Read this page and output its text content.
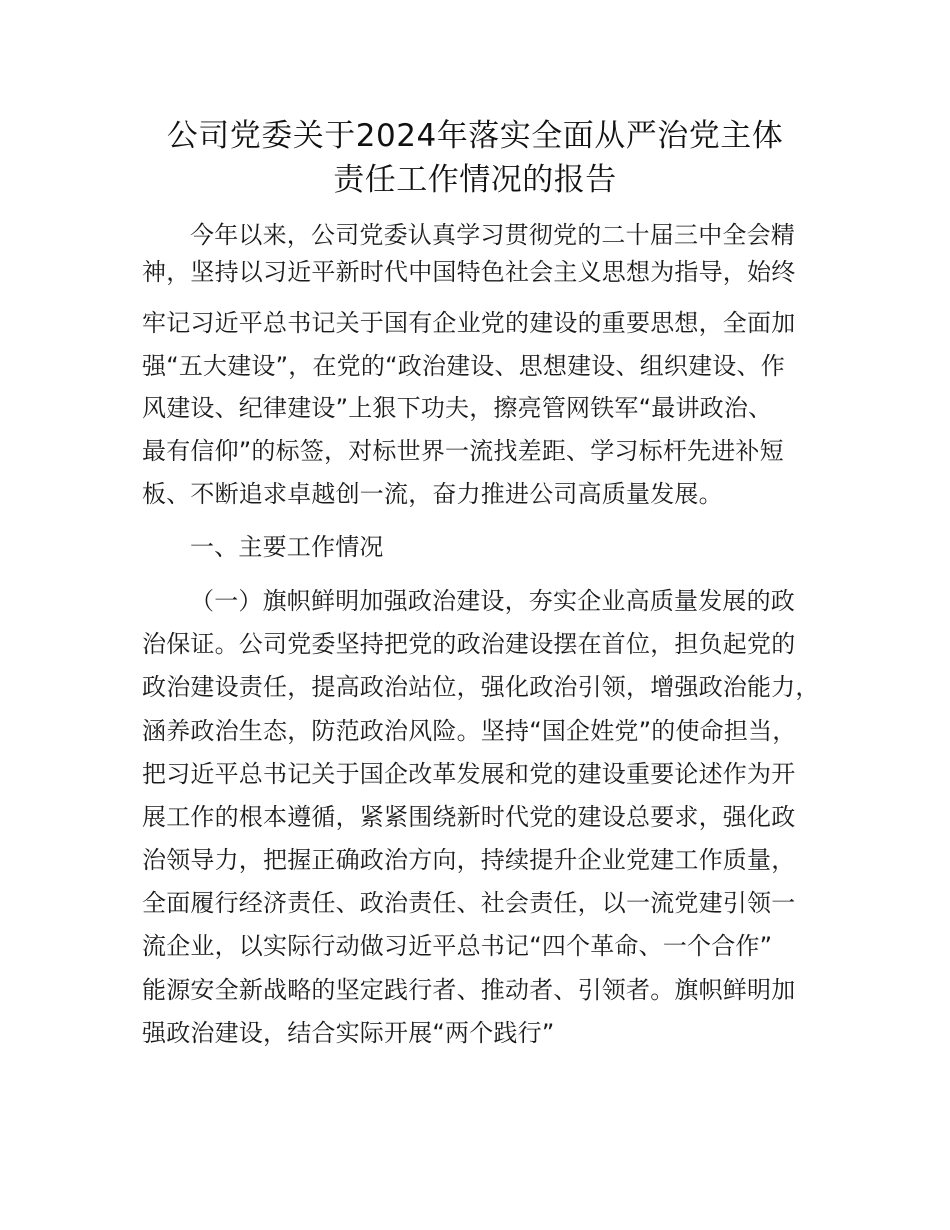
公司党委关于2024年落实全面从严治党主体
责任工作情况的报告
今年以来，公司党委认真学习贯彻党的二十届三中全会精
神，坚持以习近平新时代中国特色社会主义思想为指导，始终
牢记习近平总书记关于国有企业党的建设的重要思想，全面加
强“五大建设”，在党的“政治建设、思想建设、组织建设、作
风建设、纪律建设”上狠下功夫，擦亮管网铁军“最讲政治、
最有信仰”的标签，对标世界一流找差距、学习标杆先进补短
板、不断追求卓越创一流，奋力推进公司高质量发展。
一、主要工作情况
（一）旗帜鲜明加强政治建设，夯实企业高质量发展的政
治保证。公司党委坚持把党的政治建设摆在首位，担负起党的
政治建设责任，提高政治站位，强化政治引领，增强政治能力，
涵养政治生态，防范政治风险。坚持“国企姓党”的使命担当，
把习近平总书记关于国企改革发展和党的建设重要论述作为开
展工作的根本遵循，紧紧围绕新时代党的建设总要求，强化政
治领导力，把握正确政治方向，持续提升企业党建工作质量，
全面履行经济责任、政治责任、社会责任，以一流党建引领一
流企业，以实际行动做习近平总书记“四个革命、一个合作”
能源安全新战略的坚定践行者、推动者、引领者。旗帜鲜明加
强政治建设，结合实际开展“两个践行”
